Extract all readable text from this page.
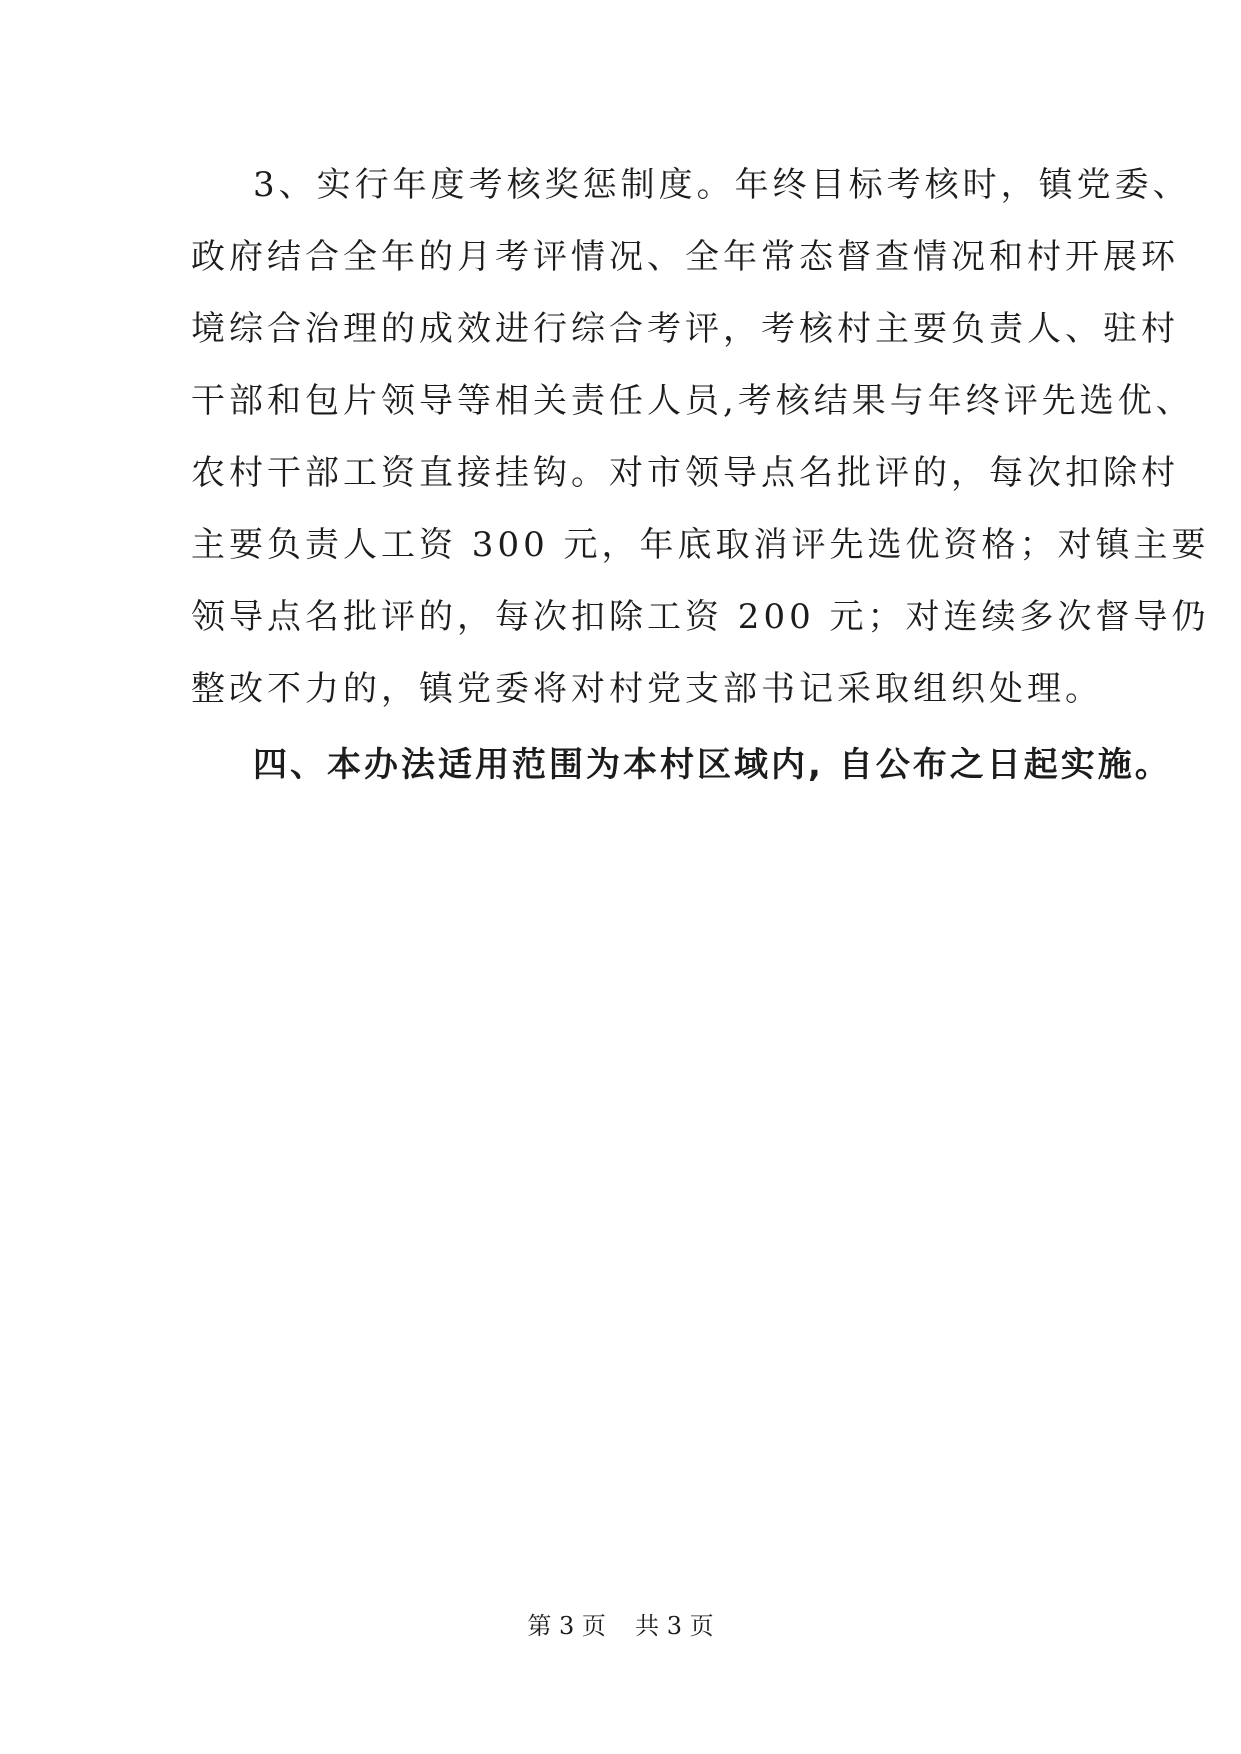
3、实行年度考核奖惩制度。年终目标考核时，镇党委、
政府结合全年的月考评情况、全年常态督查情况和村开展环
境综合治理的成效进行综合考评，考核村主要负责人、驻村
干部和包片领导等相关责任人员,考核结果与年终评先选优、
农村干部工资直接挂钩。对市领导点名批评的，每次扣除村
主要负责人工资 300 元，年底取消评先选优资格；对镇主要
领导点名批评的，每次扣除工资 200 元；对连续多次督导仍
整改不力的，镇党委将对村党支部书记采取组织处理。
四、本办法适用范围为本村区域内, 自公布之日起实施。
第 3 页 共 3 页
